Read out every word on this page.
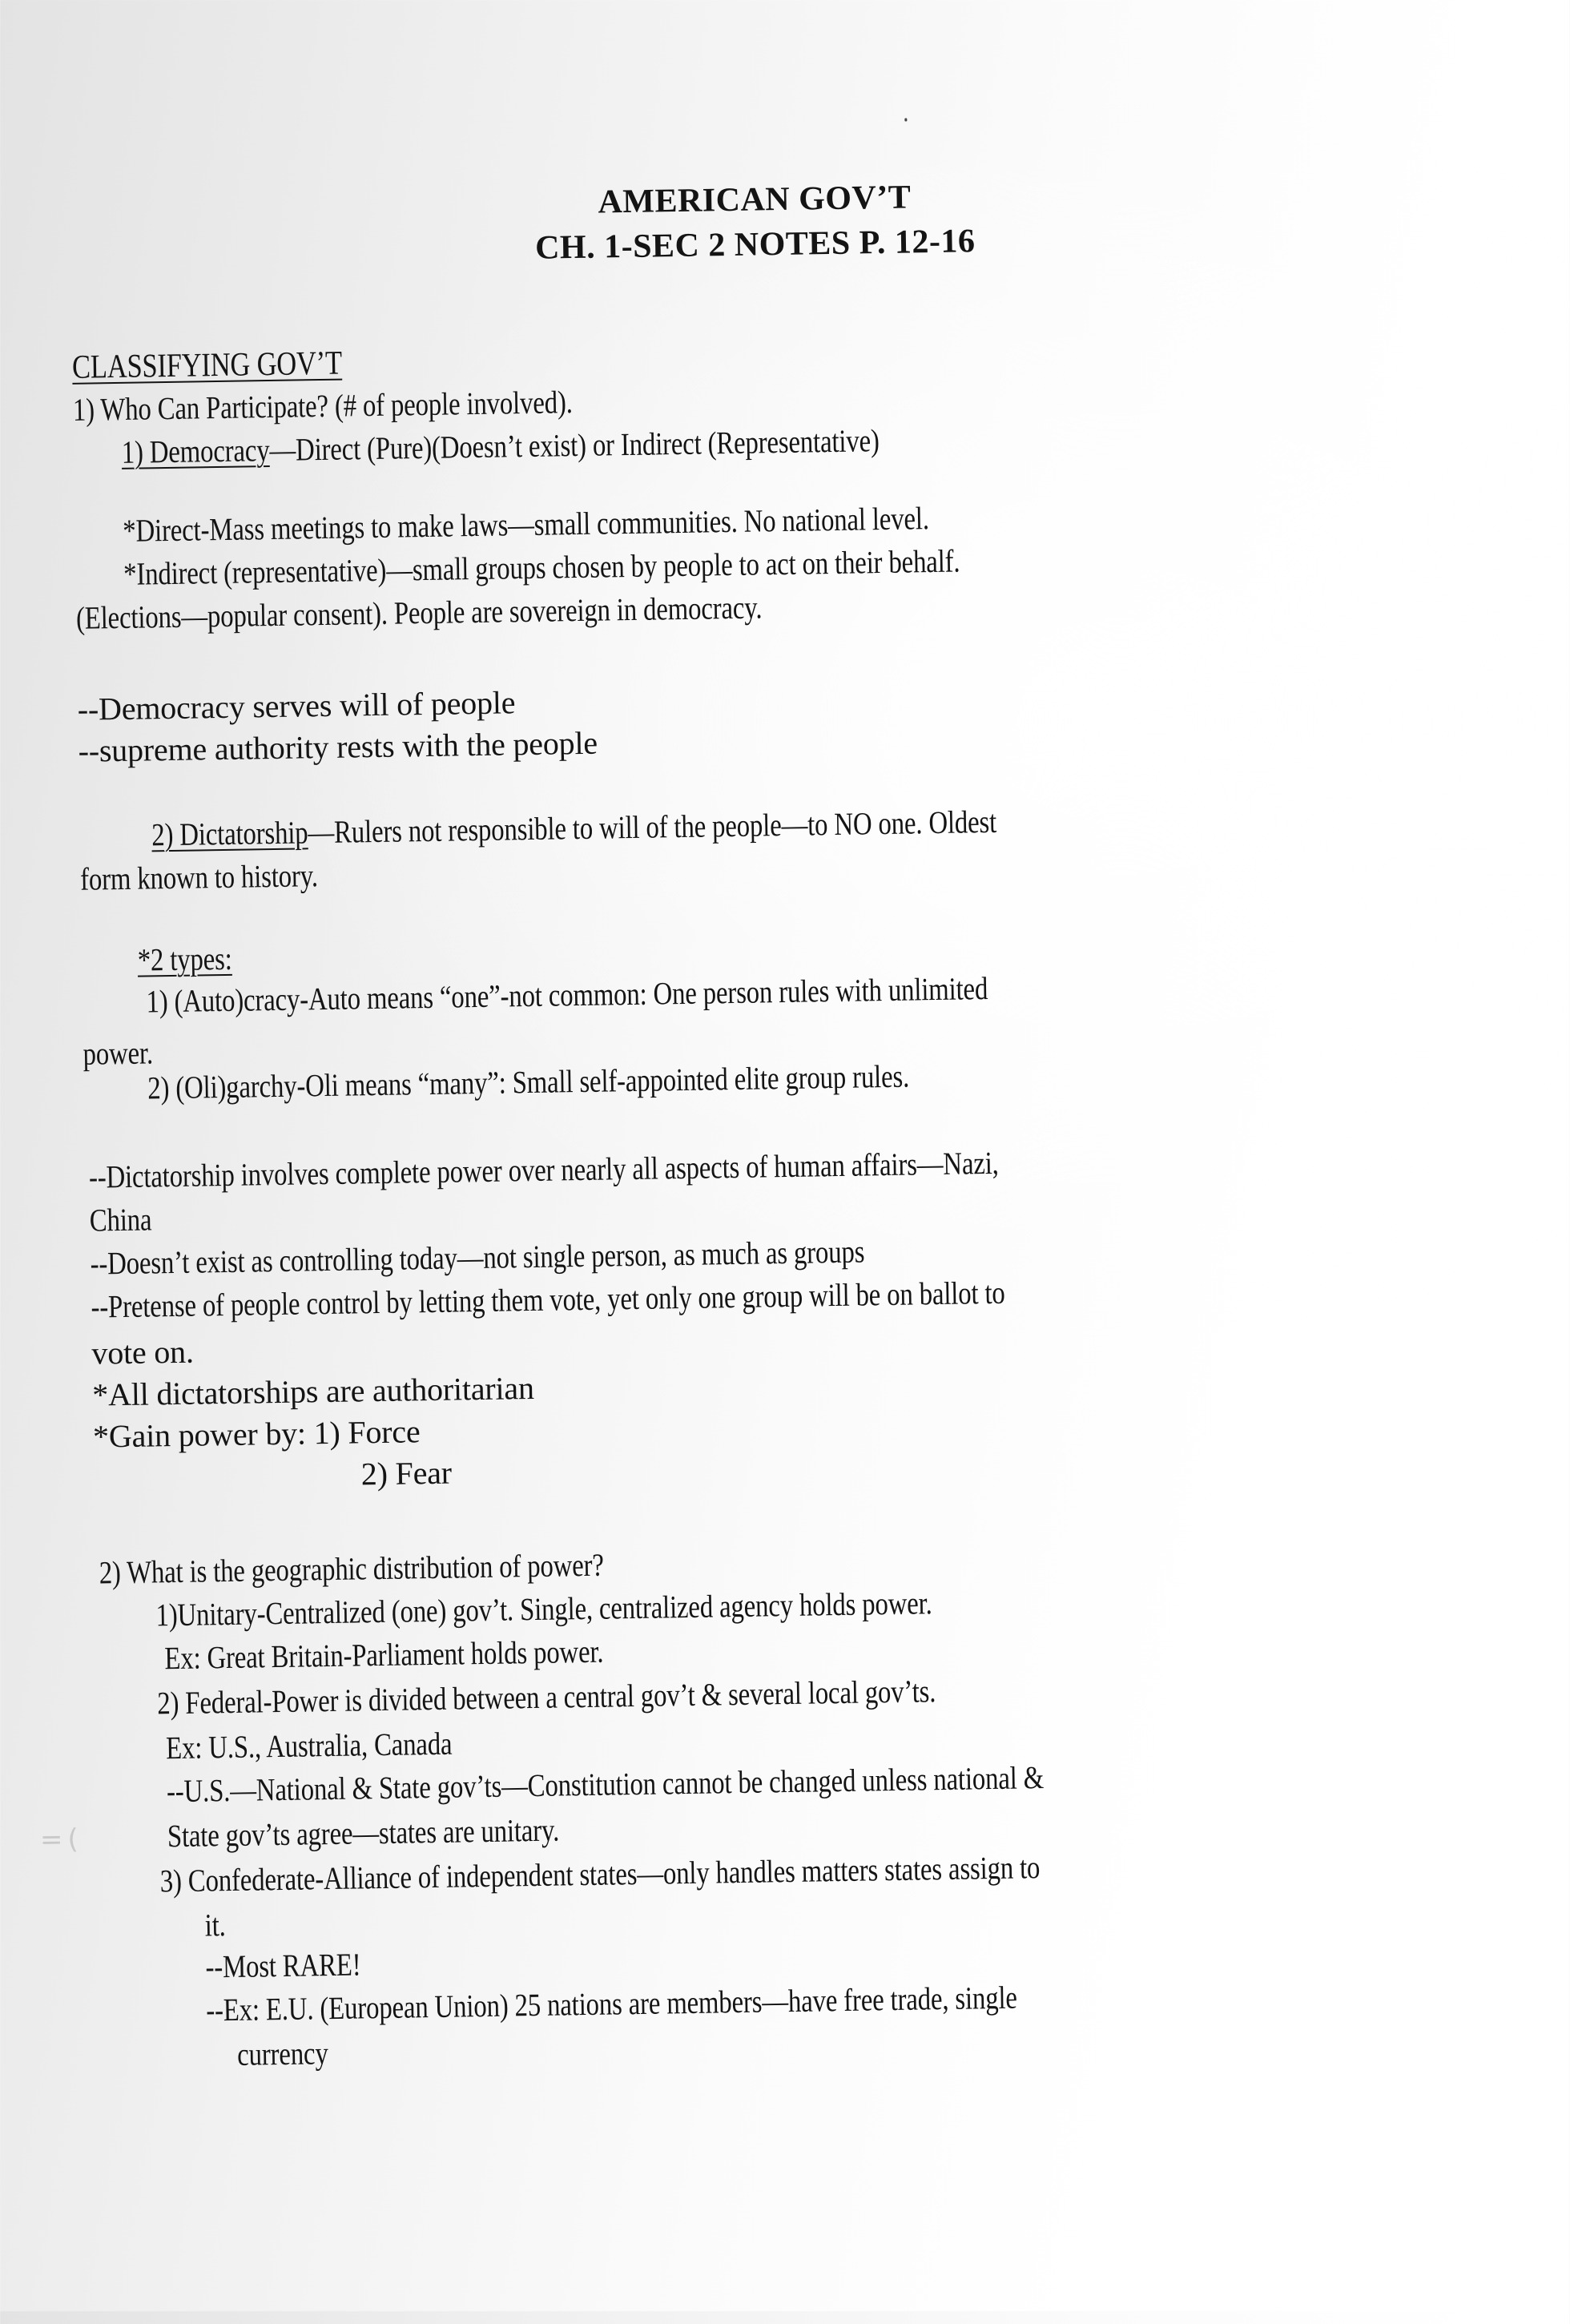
AMERICAN GOV’T
CH. 1-SEC 2 NOTES P. 12-16
CLASSIFYING GOV’T
1) Who Can Participate? (# of people involved).
1) Democracy—Direct (Pure)(Doesn’t exist) or Indirect (Representative)
*Direct-Mass meetings to make laws—small communities. No national level.
*Indirect (representative)—small groups chosen by people to act on their behalf.
(Elections—popular consent). People are sovereign in democracy.
--Democracy serves will of people
--supreme authority rests with the people
2) Dictatorship—Rulers not responsible to will of the people—to NO one. Oldest
form known to history.
*2 types:
1) (Auto)cracy-Auto means “one”-not common: One person rules with unlimited
power.
2) (Oli)garchy-Oli means “many”: Small self-appointed elite group rules.
--Dictatorship involves complete power over nearly all aspects of human affairs—Nazi,
China
--Doesn’t exist as controlling today—not single person, as much as groups
--Pretense of people control by letting them vote, yet only one group will be on ballot to
vote on.
*All dictatorships are authoritarian
*Gain power by: 1) Force
2) Fear
2) What is the geographic distribution of power?
1)Unitary-Centralized (one) gov’t. Single, centralized agency holds power.
Ex: Great Britain-Parliament holds power.
2) Federal-Power is divided between a central gov’t & several local gov’ts.
Ex: U.S., Australia, Canada
--U.S.—National & State gov’ts—Constitution cannot be changed unless national &
State gov’ts agree—states are unitary.
3) Confederate-Alliance of independent states—only handles matters states assign to
it.
--Most RARE!
--Ex: E.U. (European Union) 25 nations are members—have free trade, single
currency
=(
